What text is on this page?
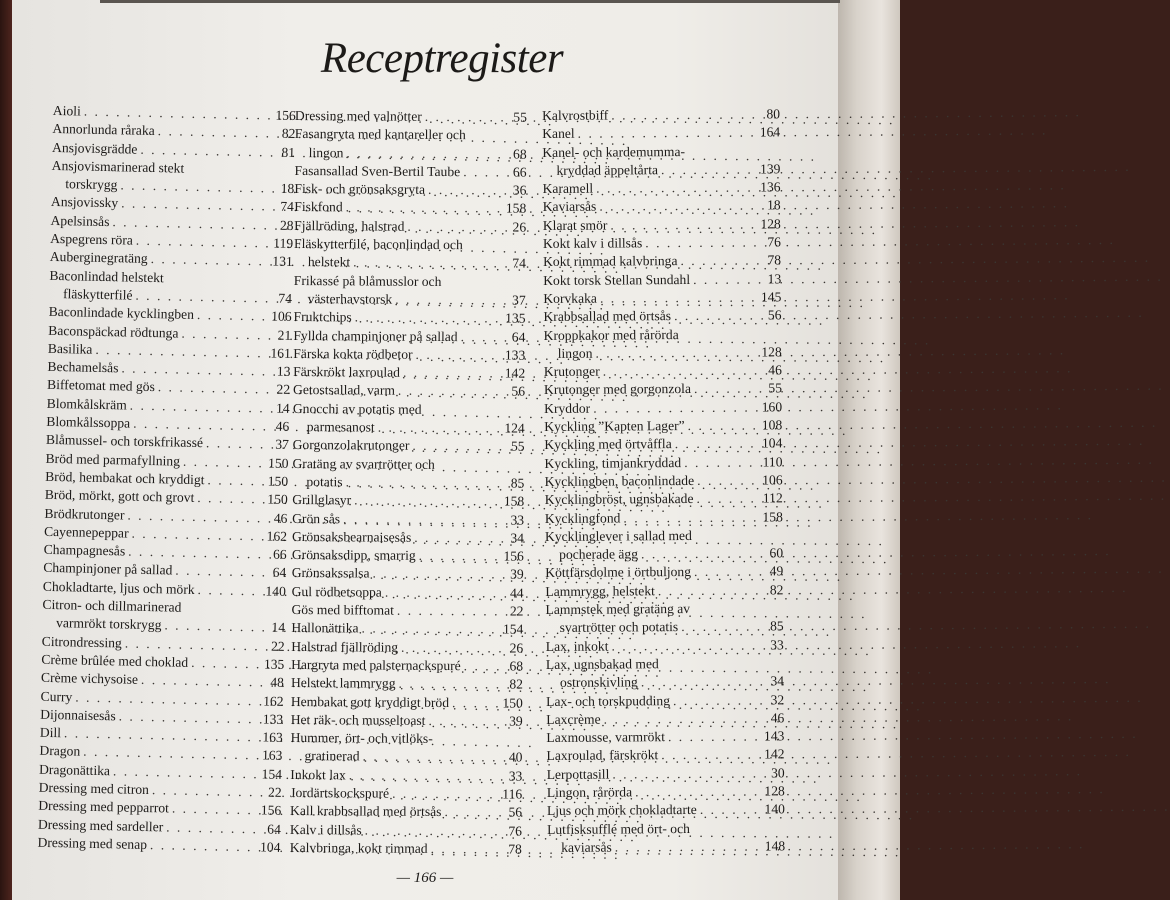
Receptregister
Aioli . . .	156
Annorlunda råraka . . .	82
Ansjovisgrädde . . .	81
Ansjovismarinerad stekt
torskrygg . . .	18
Ansjovissky . . .	74
Apelsinsås . . .	28
Aspegrens röra . . .	119
Auberginegratäng . . .	131
Baconlindad helstekt
fläskytterfilé . . .	74
Baconlindade kycklingben . . .	106
Baconspäckad rödtunga . . .	21
Basilika . . .	161
Bechamelsås . . .	13
Biffetomat med gös . . .	22
Blomkålskräm . . .	14
Blomkålssoppa . . .	46
Blåmussel- och torskfrikassé . . .	37
Bröd med parmafyllning . . .	150
Bröd, hembakat och kryddigt . . .	150
Bröd, mörkt, gott och grovt . . .	150
Brödkrutonger . . .	46
Cayennepeppar . . .	162
Champagnesås . . .	66
Champinjoner på sallad . . .	64
Chokladtarte, ljus och mörk . . .	140
Citron- och dillmarinerad
varmrökt torskrygg . . .	14
Citrondressing . . .	22
Crème brûlée med choklad . . .	135
Crème vichysoise . . .	48
Curry . . .	162
Dijonnaisesås . . .	133
Dill . . .	163
Dragon . . .	163
Dragonättika . . .	154
Dressing med citron . . .	22
Dressing med pepparrot . . .	156
Dressing med sardeller . . .	64
Dressing med senap . . .	104
Dressing med valnötter . . .	55
Fasangryta med kantareller och
lingon . . .	68
Fasansallad Sven-Bertil Taube . . .	66
Fisk- och grönsaksgryta . . .	36
Fiskfond . . .	158
Fjällröding, halstrad . . .	26
Fläskytterfilé, baconlindad och
helstekt . . .	74
Frikassé på blåmusslor och
västerhavstorsk . . .	37
Fruktchips . . .	135
Fyllda champinjoner på sallad . . .	64
Färska kokta rödbetor . . .	133
Färskrökt laxroulad . . .	142
Getostsallad, varm . . .	56
Gnocchi av potatis med
parmesanost . . .	124
Gorgonzolakrutonger . . .	55
Gratäng av svartrötter och
potatis . . .	85
Grillglasyr . . .	158
Grön sås . . .	33
Grönsaksbearnaisesås . . .	34
Grönsaksdipp, smarrig . . .	156
Grönsakssalsa . . .	39
Gul rödbetsoppa . . .	44
Gös med bifftomat . . .	22
Hallonättika . . .	154
Halstrad fjällröding . . .	26
Hargryta med palsternackspuré . . .	68
Helstekt lammrygg . . .	82
Hembakat gott kryddigt bröd . . .	150
Het räk- och musseltoast . . .	39
Hummer, ört- och vitlöks-
gratinerad . . .	40
Inkokt lax . . .	33
Jordärtskockspuré . . .	116
Kall krabbsallad med örtsås . . .	56
Kalv i dillsås . . .	76
Kalvbringa, kokt rimmad . . .	78
Kalvrostbiff . . .	80
Kanel . . .	164
Kanel- och kardemumma-
kryddad äppeltårta . . .	139
Karamell . . .	136
Kaviarsås . . .	18
Klarat smör . . .	128
Kokt kalv i dillsås . . .	76
Kokt rimmad kalvbringa . . .	78
Kokt torsk Stellan Sundahl . . .	13
Korvkaka . . .	145
Krabbsallad med örtsås . . .	56
Kroppkakor med rårörda
lingon . . .	128
Krutonger . . .	46
Krutonger med gorgonzola . . .	55
Kryddor . . .	160
Kyckling ”Kapten Lager” . . .	108
Kyckling med örtvåffla . . .	104
Kyckling, timjankryddad . . .	110
Kycklingben, baconlindade . . .	106
Kycklingbröst, ugnsbakade . . .	112
Kycklingfond . . .	158
Kycklinglever i sallad med
pocherade ägg . . .	60
Köttfärsdolme i örtbuljong . . .	49
Lammrygg, helstekt . . .	82
Lammstek med gratäng av
svartrötter och potatis . . .	85
Lax, inkokt . . .	33
Lax, ugnsbakad med
ostronskivling . . .	34
Lax- och torskpudding . . .	32
Laxcrème . . .	46
Laxmousse, varmrökt . . .	143
Laxroulad, färskrökt . . .	142
Lerpottasill . . .	30
Lingon, rårörda . . .	128
Ljus och mörk chokladtarte . . .	140
Lutfisksufflé med ört- och
kaviarsås . . .	148
— 166 —
